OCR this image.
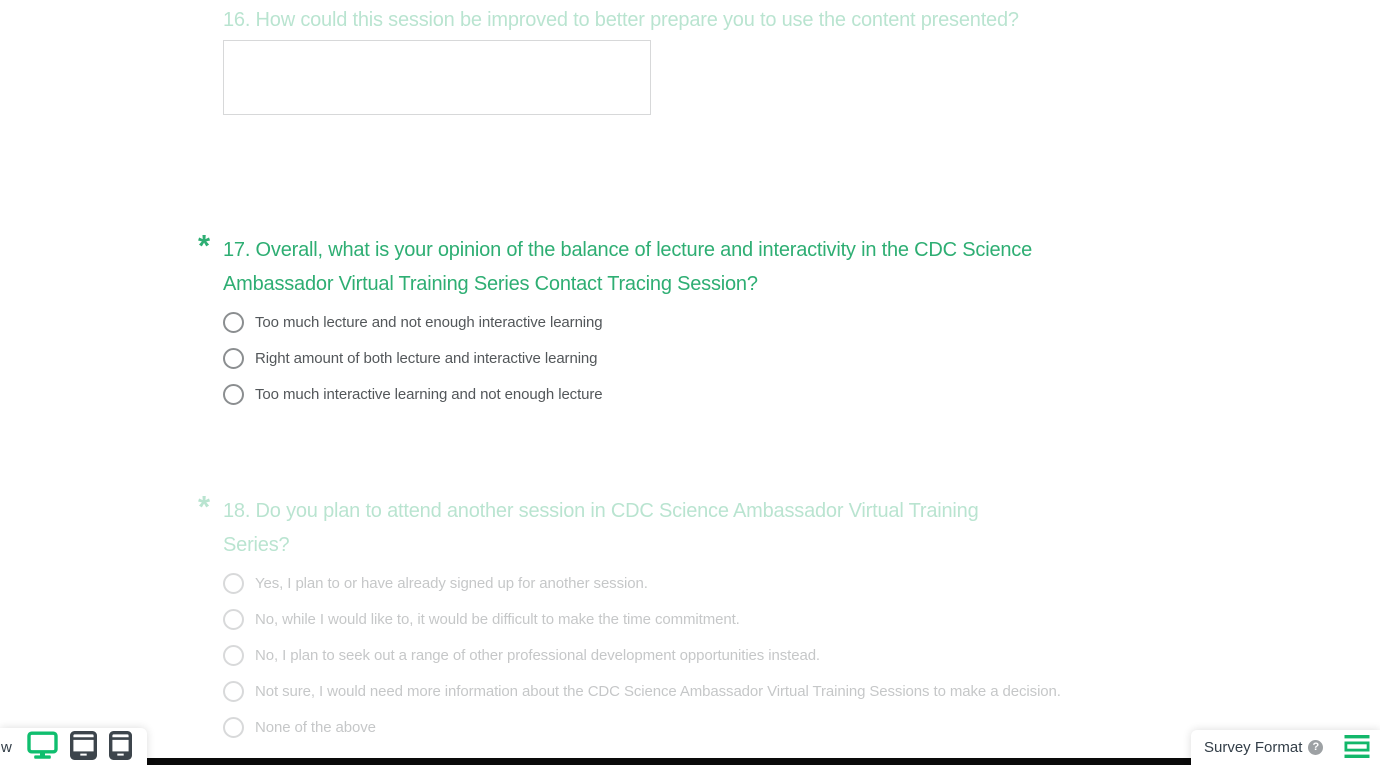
16. How could this session be improved to better prepare you to use the content presented?
* 17. Overall, what is your opinion of the balance of lecture and interactivity in the CDC Science Ambassador Virtual Training Series Contact Tracing Session?
Too much lecture and not enough interactive learning
Right amount of both lecture and interactive learning
Too much interactive learning and not enough lecture
* 18. Do you plan to attend another session in CDC Science Ambassador Virtual Training Series?
Yes, I plan to or have already signed up for another session.
No, while I would like to, it would be difficult to make the time commitment.
No, I plan to seek out a range of other professional development opportunities instead.
Not sure, I would need more information about the CDC Science Ambassador Virtual Training Sessions to make a decision.
None of the above
w	Survey Format ?
